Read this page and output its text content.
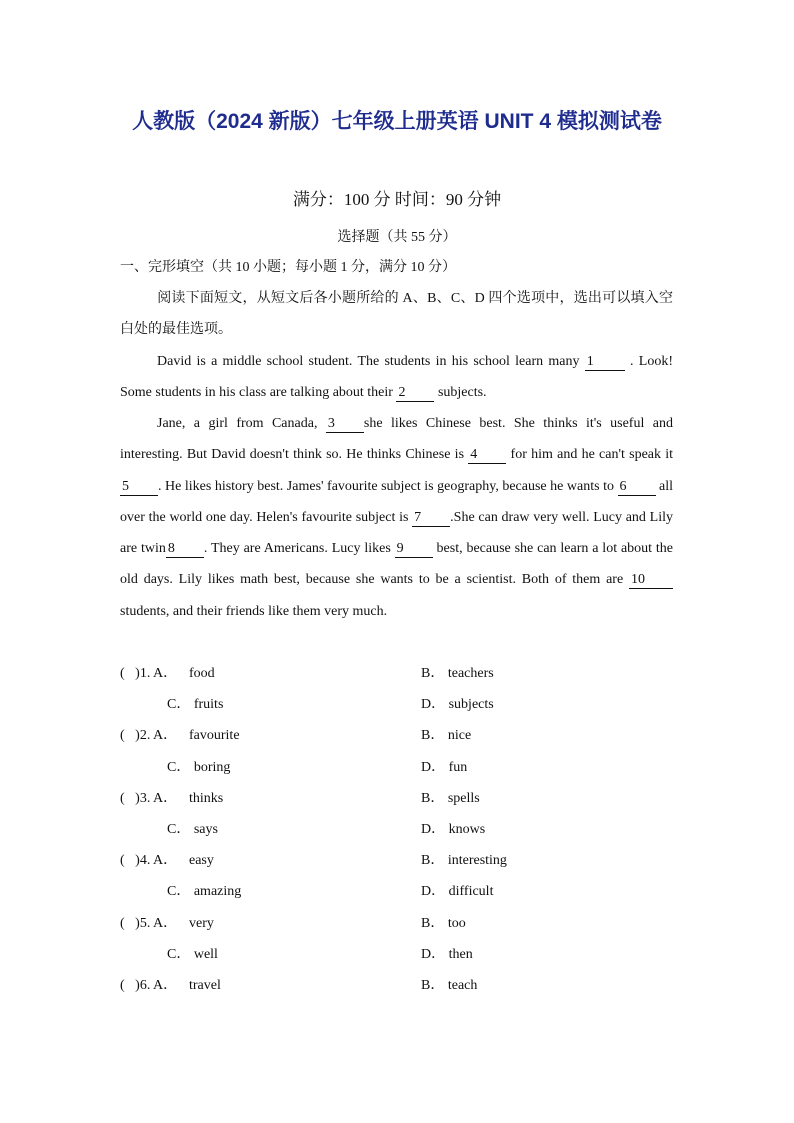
人教版（2024 新版）七年级上册英语 UNIT 4 模拟测试卷
满分：100 分 时间：90 分钟
选择题（共 55 分）
一、完形填空（共 10 小题；每小题 1 分，满分 10 分）
阅读下面短文，从短文后各小题所给的 A、B、C、D 四个选项中，选出可以填入空白处的最佳选项。
David is a middle school student. The students in his school learn many 1	. Look! Some students in his class are talking about their 2 subjects.
Jane, a girl from Canada, 3 she likes Chinese best. She thinks it's useful and interesting. But David doesn't think so. He thinks Chinese is 4 for him and he can't speak it 5 . He likes history best. James' favourite subject is geography, because he wants to 6 all over the world one day. Helen's favourite subject is 7 .She can draw very well. Lucy and Lily are twin 8 . They are Americans. Lucy likes 9 best, because she can learn a lot about the old days. Lily likes math best, because she wants to be a scientist. Both of them are 10students, and their friends like them very much.
(   )1. A． food	B． teachers
C． fruits	D． subjects
(   )2. A． favourite	B． nice
C． boring	D． fun
(   )3. A． thinks	B． spells
C． says	D． knows
(   )4. A． easy	B． interesting
C． amazing	D． difficult
(   )5. A． very	B． too
C． well	D． then
(   )6. A． travel	B． teach
